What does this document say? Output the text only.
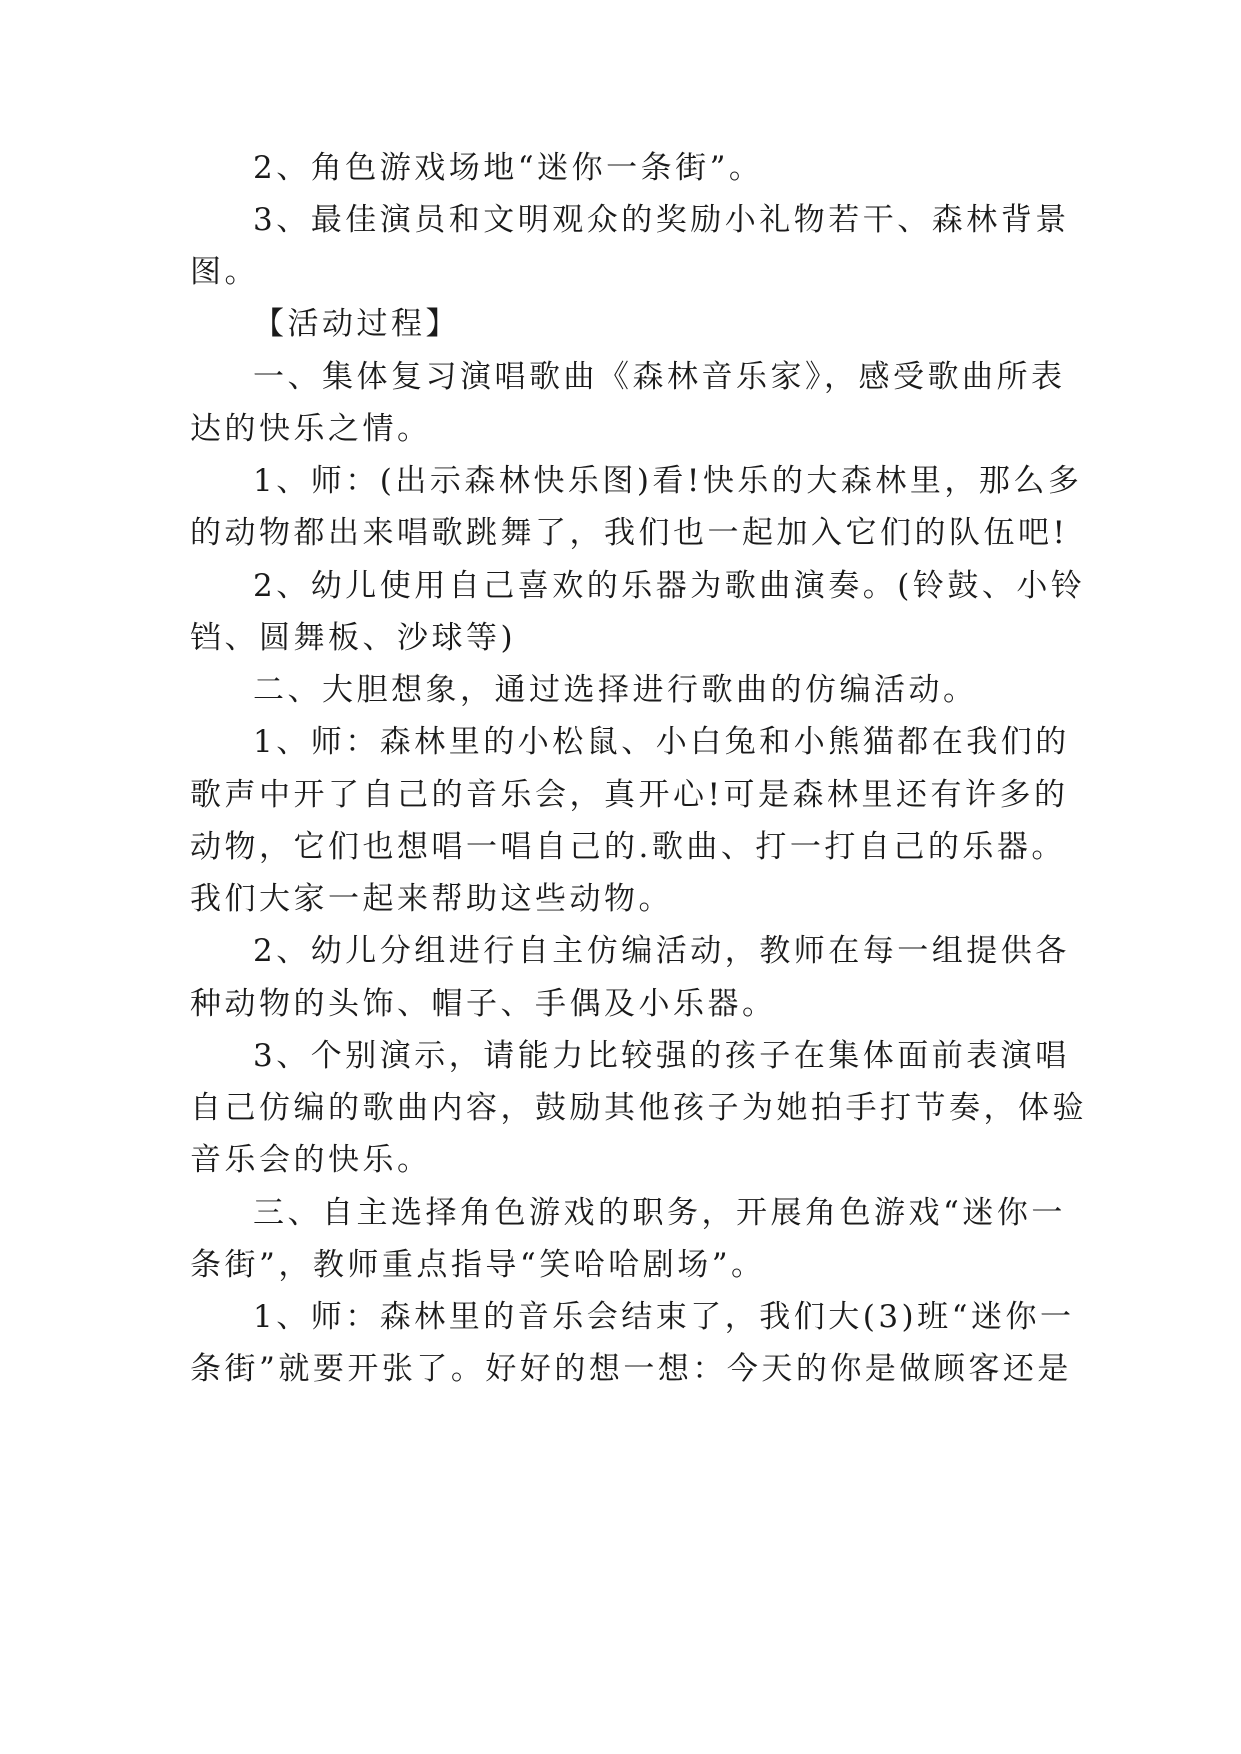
2、角色游戏场地“迷你一条街”。

3、最佳演员和文明观众的奖励小礼物若干、森林背景

图。

【活动过程】

一、集体复习演唱歌曲《森林音乐家》，感受歌曲所表

达的快乐之情。

1、师：(出示森林快乐图)看!快乐的大森林里，那么多

的动物都出来唱歌跳舞了，我们也一起加入它们的队伍吧!

2、幼儿使用自己喜欢的乐器为歌曲演奏。(铃鼓、小铃

铛、圆舞板、沙球等)

二、大胆想象，通过选择进行歌曲的仿编活动。

1、师：森林里的小松鼠、小白兔和小熊猫都在我们的

歌声中开了自己的音乐会，真开心!可是森林里还有许多的

动物，它们也想唱一唱自己的.歌曲、打一打自己的乐器。

我们大家一起来帮助这些动物。

2、幼儿分组进行自主仿编活动，教师在每一组提供各

种动物的头饰、帽子、手偶及小乐器。

3、个别演示，请能力比较强的孩子在集体面前表演唱

自己仿编的歌曲内容，鼓励其他孩子为她拍手打节奏，体验

音乐会的快乐。

三、自主选择角色游戏的职务，开展角色游戏“迷你一

条街”，教师重点指导“笑哈哈剧场”。

1、师：森林里的音乐会结束了，我们大(3)班“迷你一

条街”就要开张了。好好的想一想：今天的你是做顾客还是
